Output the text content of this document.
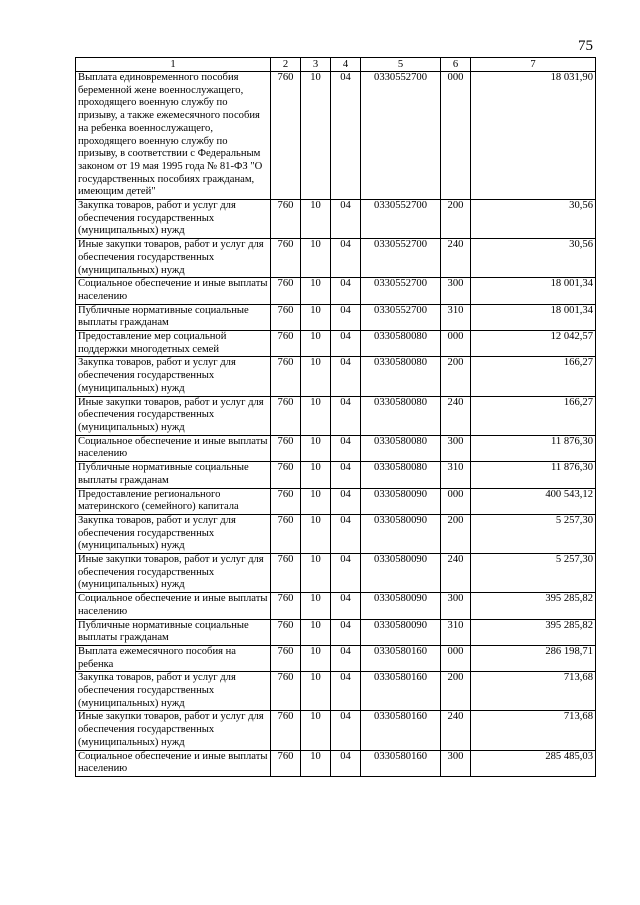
75
1	2	3	4	5	6	7
Выплата единовременного пособия беременной жене военнослужащего, проходящего военную службу по призыву, а также ежемесячного пособия на ребенка военнослужащего, проходящего военную службу по призыву, в соответствии с Федеральным законом от 19 мая 1995 года № 81-ФЗ "О государственных пособиях гражданам, имеющим детей"	760	10	04	0330552700	000	18 031,90
Закупка товаров, работ и услуг для обеспечения государственных (муниципальных) нужд	760	10	04	0330552700	200	30,56
Иные закупки товаров, работ и услуг для обеспечения государственных (муниципальных) нужд	760	10	04	0330552700	240	30,56
Социальное обеспечение и иные выплаты населению	760	10	04	0330552700	300	18 001,34
Публичные нормативные социальные выплаты гражданам	760	10	04	0330552700	310	18 001,34
Предоставление мер социальной поддержки многодетных семей	760	10	04	0330580080	000	12 042,57
Закупка товаров, работ и услуг для обеспечения государственных (муниципальных) нужд	760	10	04	0330580080	200	166,27
Иные закупки товаров, работ и услуг для обеспечения государственных (муниципальных) нужд	760	10	04	0330580080	240	166,27
Социальное обеспечение и иные выплаты населению	760	10	04	0330580080	300	11 876,30
Публичные нормативные социальные выплаты гражданам	760	10	04	0330580080	310	11 876,30
Предоставление регионального материнского (семейного) капитала	760	10	04	0330580090	000	400 543,12
Закупка товаров, работ и услуг для обеспечения государственных (муниципальных) нужд	760	10	04	0330580090	200	5 257,30
Иные закупки товаров, работ и услуг для обеспечения государственных (муниципальных) нужд	760	10	04	0330580090	240	5 257,30
Социальное обеспечение и иные выплаты населению	760	10	04	0330580090	300	395 285,82
Публичные нормативные социальные выплаты гражданам	760	10	04	0330580090	310	395 285,82
Выплата ежемесячного пособия на ребенка	760	10	04	0330580160	000	286 198,71
Закупка товаров, работ и услуг для обеспечения государственных (муниципальных) нужд	760	10	04	0330580160	200	713,68
Иные закупки товаров, работ и услуг для обеспечения государственных (муниципальных) нужд	760	10	04	0330580160	240	713,68
Социальное обеспечение и иные выплаты населению	760	10	04	0330580160	300	285 485,03
